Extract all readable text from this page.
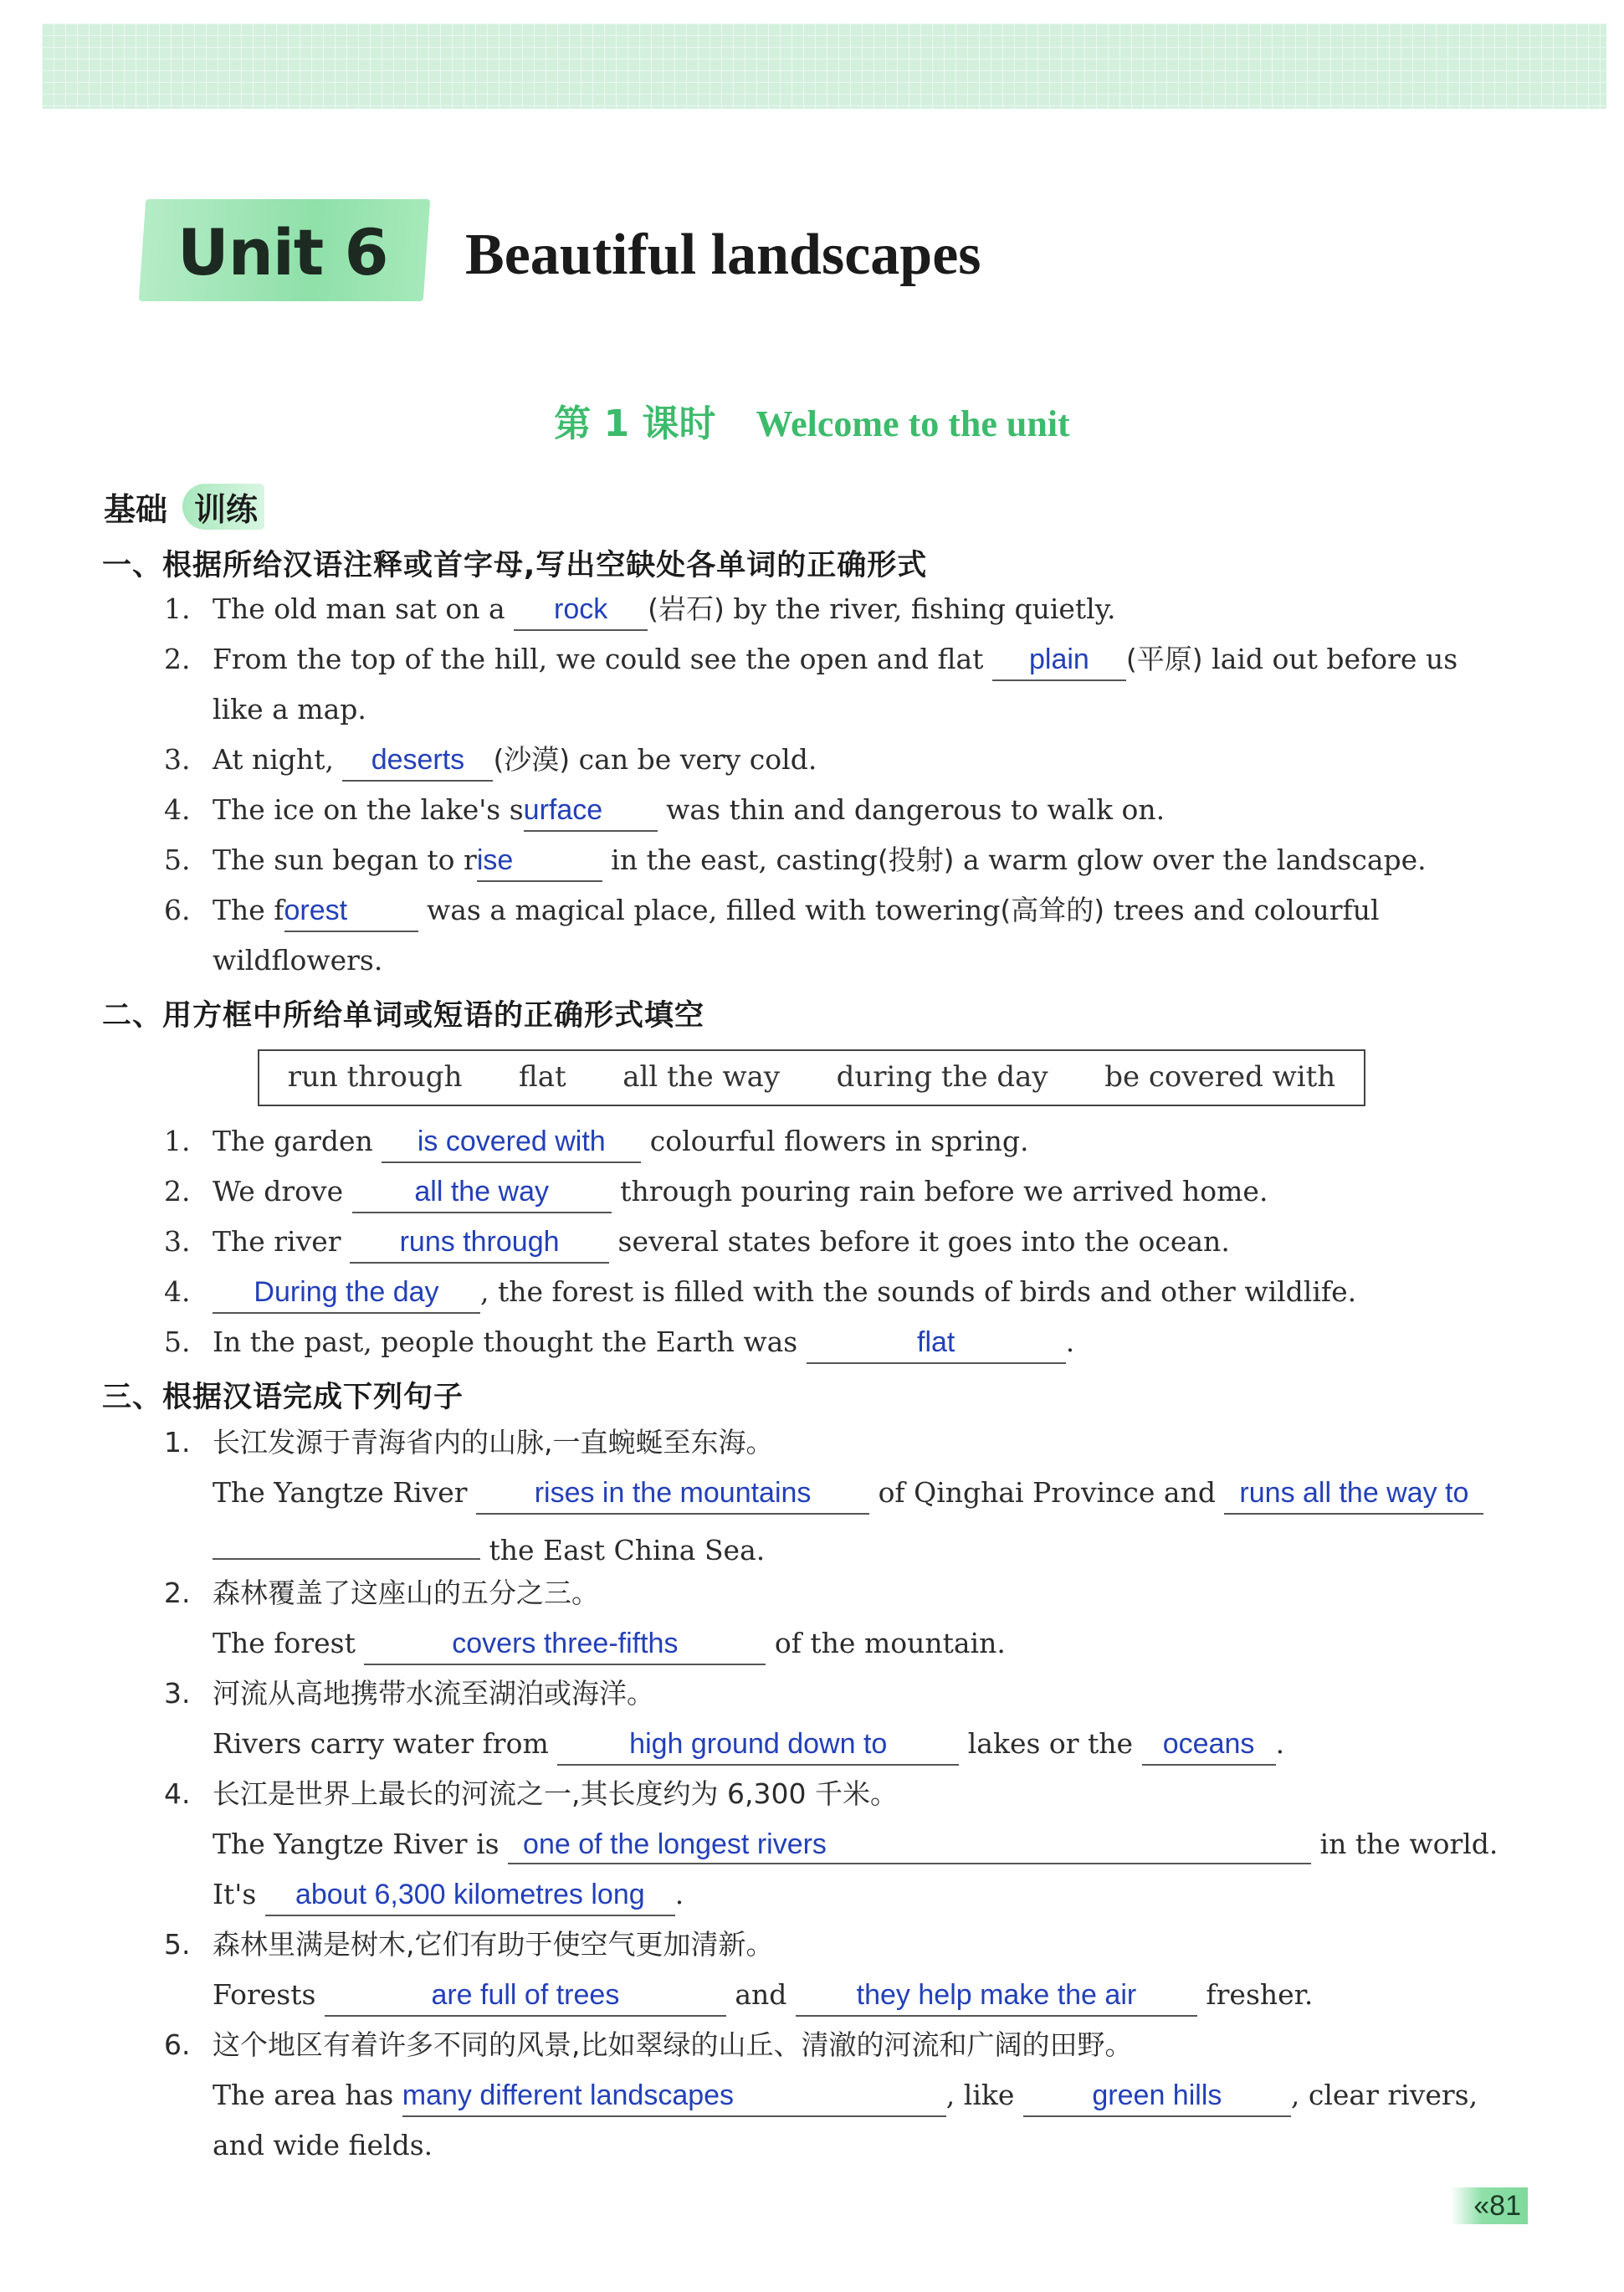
Unit 6 Beautiful landscapes
第 1 课时 Welcome to the unit
基础 训练
一、根据所给汉语注释或首字母,写出空缺处各单词的正确形式
1. The old man sat on a rock (岩石) by the river, fishing quietly.
2. From the top of the hill, we could see the open and flat plain (平原) laid out before us
like a map.
3. At night, deserts (沙漠) can be very cold.
4. The ice on the lake's surface was thin and dangerous to walk on.
5. The sun began to rise	in the east, casting(投射) a warm glow over the landscape.
6. The forest	was a magical place, filled with towering(高耸的) trees and colourful
wildflowers.
二、用方框中所给单词或短语的正确形式填空
run through flat all the way during the day be covered with
1. The garden is covered with colourful flowers in spring.
2. We drove all the way through pouring rain before we arrived home.
3. The river runs through several states before it goes into the ocean.
4. During the day , the forest is filled with the sounds of birds and other wildlife.
5. In the past, people thought the Earth was	flat	.
三、根据汉语完成下列句子
1. 长江发源于青海省内的山脉,一直蜿蜒至东海。
The Yangtze River rises in the mountains of Qinghai Province and runs all the way to
the East China Sea.
2. 森林覆盖了这座山的五分之三。
The forest	covers three-fifths	of the mountain.
3. 河流从高地携带水流至湖泊或海洋。
Rivers carry water from	high ground down to	lakes or the oceans .
4. 长江是世界上最长的河流之一,其长度约为 6,300 千米。
The Yangtze River is one of the longest rivers	in the world.
It's about 6,300 kilometres long .
5. 森林里满是树木,它们有助于使空气更加清新。
Forests	are full of trees	and they help make the air fresher.
6. 这个地区有着许多不同的风景,比如翠绿的山丘、清澈的河流和广阔的田野。
The area has many different landscapes	, like green hills	, clear rivers,
and wide fields.
«81
